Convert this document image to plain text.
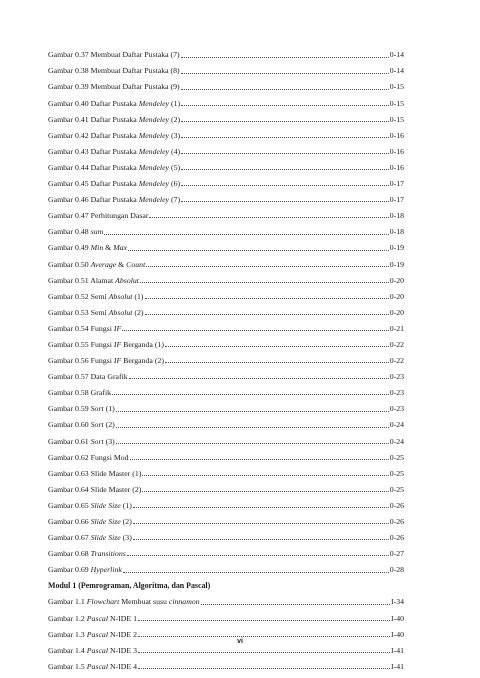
Gambar 0.37 Membuat Daftar Pustaka (7)	0-14
Gambar 0.38 Membuat Daftar Pustaka (8)	0-14
Gambar 0.39 Membuat Daftar Pustaka (9)	0-15
Gambar 0.40 Daftar Pustaka Mendeley (1)	0-15
Gambar 0.41 Daftar Pustaka Mendeley (2)	0-15
Gambar 0.42 Daftar Pustaka Mendeley (3)	0-16
Gambar 0.43 Daftar Pustaka Mendeley (4)	0-16
Gambar 0.44 Daftar Pustaka Mendeley (5)	0-16
Gambar 0.45 Daftar Pustaka Mendeley (6)	0-17
Gambar 0.46 Daftar Pustaka Mendeley (7)	0-17
Gambar 0.47 Perhitungan Dasar	0-18
Gambar 0.48 sum	0-18
Gambar 0.49 Min & Max	0-19
Gambar 0.50 Average & Count	0-19
Gambar 0.51 Alamat Absolut	0-20
Gambar 0.52 Semi Absolut (1)	0-20
Gambar 0.53 Semi Absolut (2)	0-20
Gambar 0.54 Fungsi IF	0-21
Gambar 0.55 Fungsi IF Berganda (1)	0-22
Gambar 0.56 Fungsi IF Berganda (2)	0-22
Gambar 0.57 Data Grafik	0-23
Gambar 0.58 Grafik	0-23
Gambar 0.59 Sort (1)	0-23
Gambar 0.60 Sort (2)	0-24
Gambar 0.61 Sort (3)	0-24
Gambar 0.62 Fungsi Mod	0-25
Gambar 0.63 Slide Master (1)	0-25
Gambar 0.64 Slide Master (2)	0-25
Gambar 0.65 Slide Size (1)	0-26
Gambar 0.66 Slide Size (2)	0-26
Gambar 0.67 Slide Size (3)	0-26
Gambar 0.68 Transitions	0-27
Gambar 0.69 Hyperlink	0-28
Modul 1 (Pemrograman, Algoritma, dan Pascal)
Gambar 1.1 Flowchart Membuat susu cinnamon	I-34
Gambar 1.2 Pascal N-IDE 1	I-40
Gambar 1.3 Pascal N-IDE 2	I-40
Gambar 1.4 Pascal N-IDE 3	I-41
Gambar 1.5 Pascal N-IDE 4	I-41
vi
